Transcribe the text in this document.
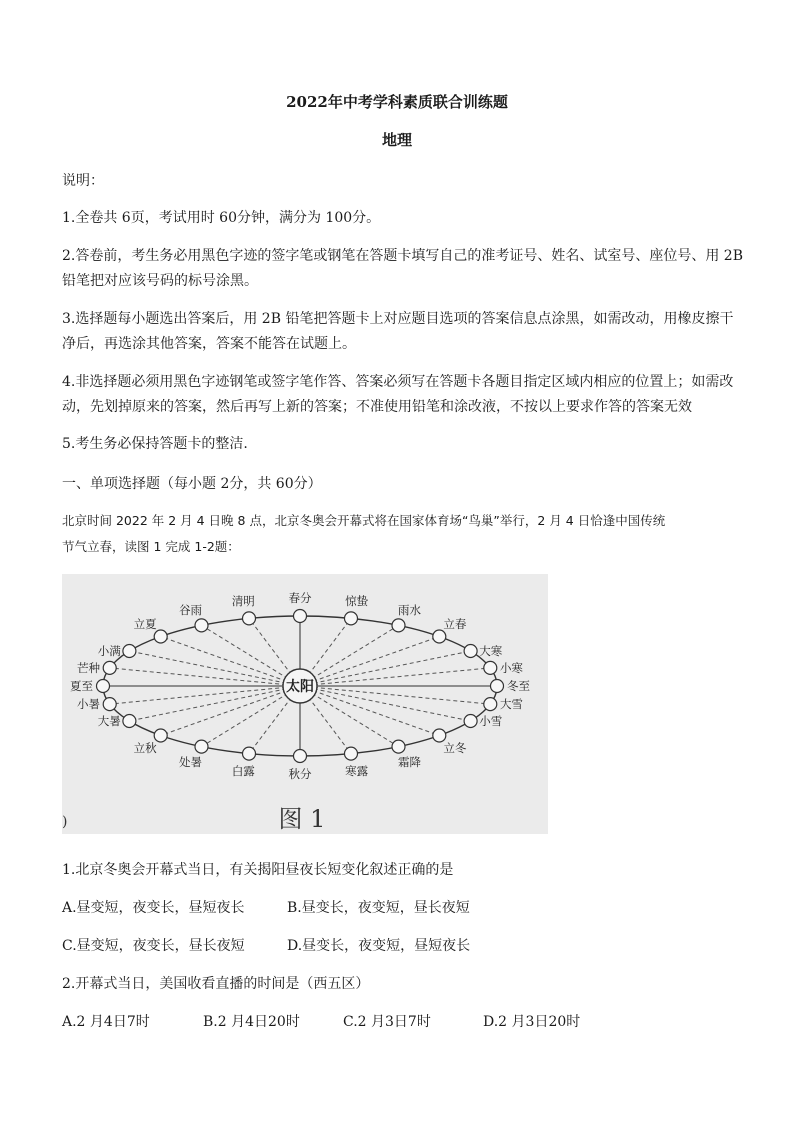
2022年中考学科素质联合训练题
地理
说明：
1.全卷共 6页，考试用时 60分钟，满分为 100分。
2.答卷前，考生务必用黑色字迹的签字笔或钢笔在答题卡填写自己的准考证号、姓名、试室号、座位号、用 2B
铅笔把对应该号码的标号涂黑。
3.选择题每小题选出答案后，用 2B 铅笔把答题卡上对应题目选项的答案信息点涂黑，如需改动，用橡皮擦干
净后，再选涂其他答案，答案不能答在试题上。
4.非选择题必须用黑色字迹钢笔或签字笔作答、答案必须写在答题卡各题目指定区域内相应的位置上；如需改
动，先划掉原来的答案，然后再写上新的答案；不准使用铅笔和涂改液，不按以上要求作答的答案无效
5.考生务必保持答题卡的整洁.
一、单项选择题（每小题 2分，共 60分）
北京时间 2022 年 2 月 4 日晚 8 点，北京冬奥会开幕式将在国家体育场“鸟巢”举行，2 月 4 日恰逢中国传统
节气立春，读图 1 完成 1-2题：
夏至
小暑
大暑
立秋
处暑
白露	秋分	寒露
霜降
立冬
小雪
大雪
冬至
小寒
大寒
立春
雨水
惊蛰
春分
清明
谷雨
立夏
小满
芒种
太阳
图 1
)
1.北京冬奥会开幕式当日，有关揭阳昼夜长短变化叙述正确的是
A.昼变短，夜变长，昼短夜长	B.昼变长，夜变短，昼长夜短
C.昼变短，夜变长，昼长夜短	D.昼变长，夜变短，昼短夜长
2.开幕式当日，美国收看直播的时间是（西五区）
A.2 月4日7时	B.2 月4日20时	C.2 月3日7时	D.2 月3日20时
